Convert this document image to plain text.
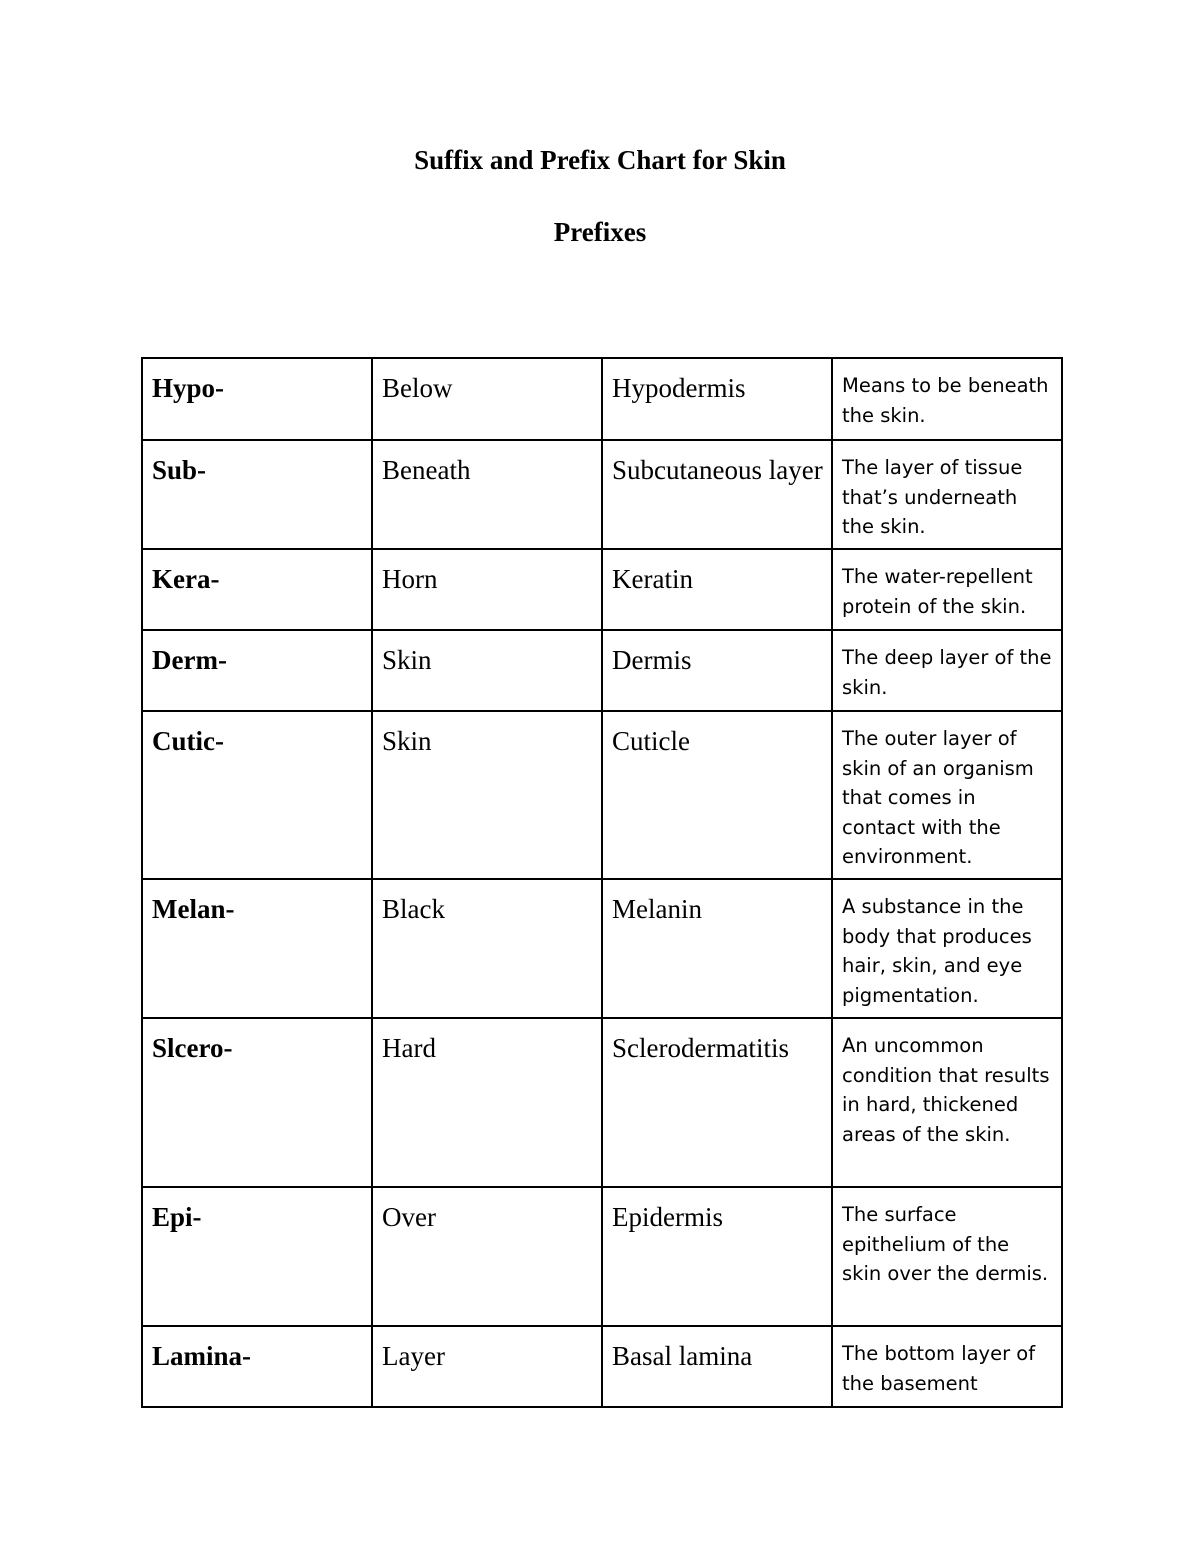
Suffix and Prefix Chart for Skin
Prefixes
Hypo-	Below	Hypodermis	Means to be beneath the skin.
Sub-	Beneath	Subcutaneous layer	The layer of tissue that’s underneath the skin.
Kera-	Horn	Keratin	The water-repellent protein of the skin.
Derm-	Skin	Dermis	The deep layer of the skin.
Cutic-	Skin	Cuticle	The outer layer of skin of an organism that comes in contact with the environment.
Melan-	Black	Melanin	A substance in the body that produces hair, skin, and eye pigmentation.
Slcero-	Hard	Sclerodermatitis	An uncommon condition that results in hard, thickened areas of the skin.
Epi-	Over	Epidermis	The surface epithelium of the skin over the dermis.
Lamina-	Layer	Basal lamina	The bottom layer of the basement
